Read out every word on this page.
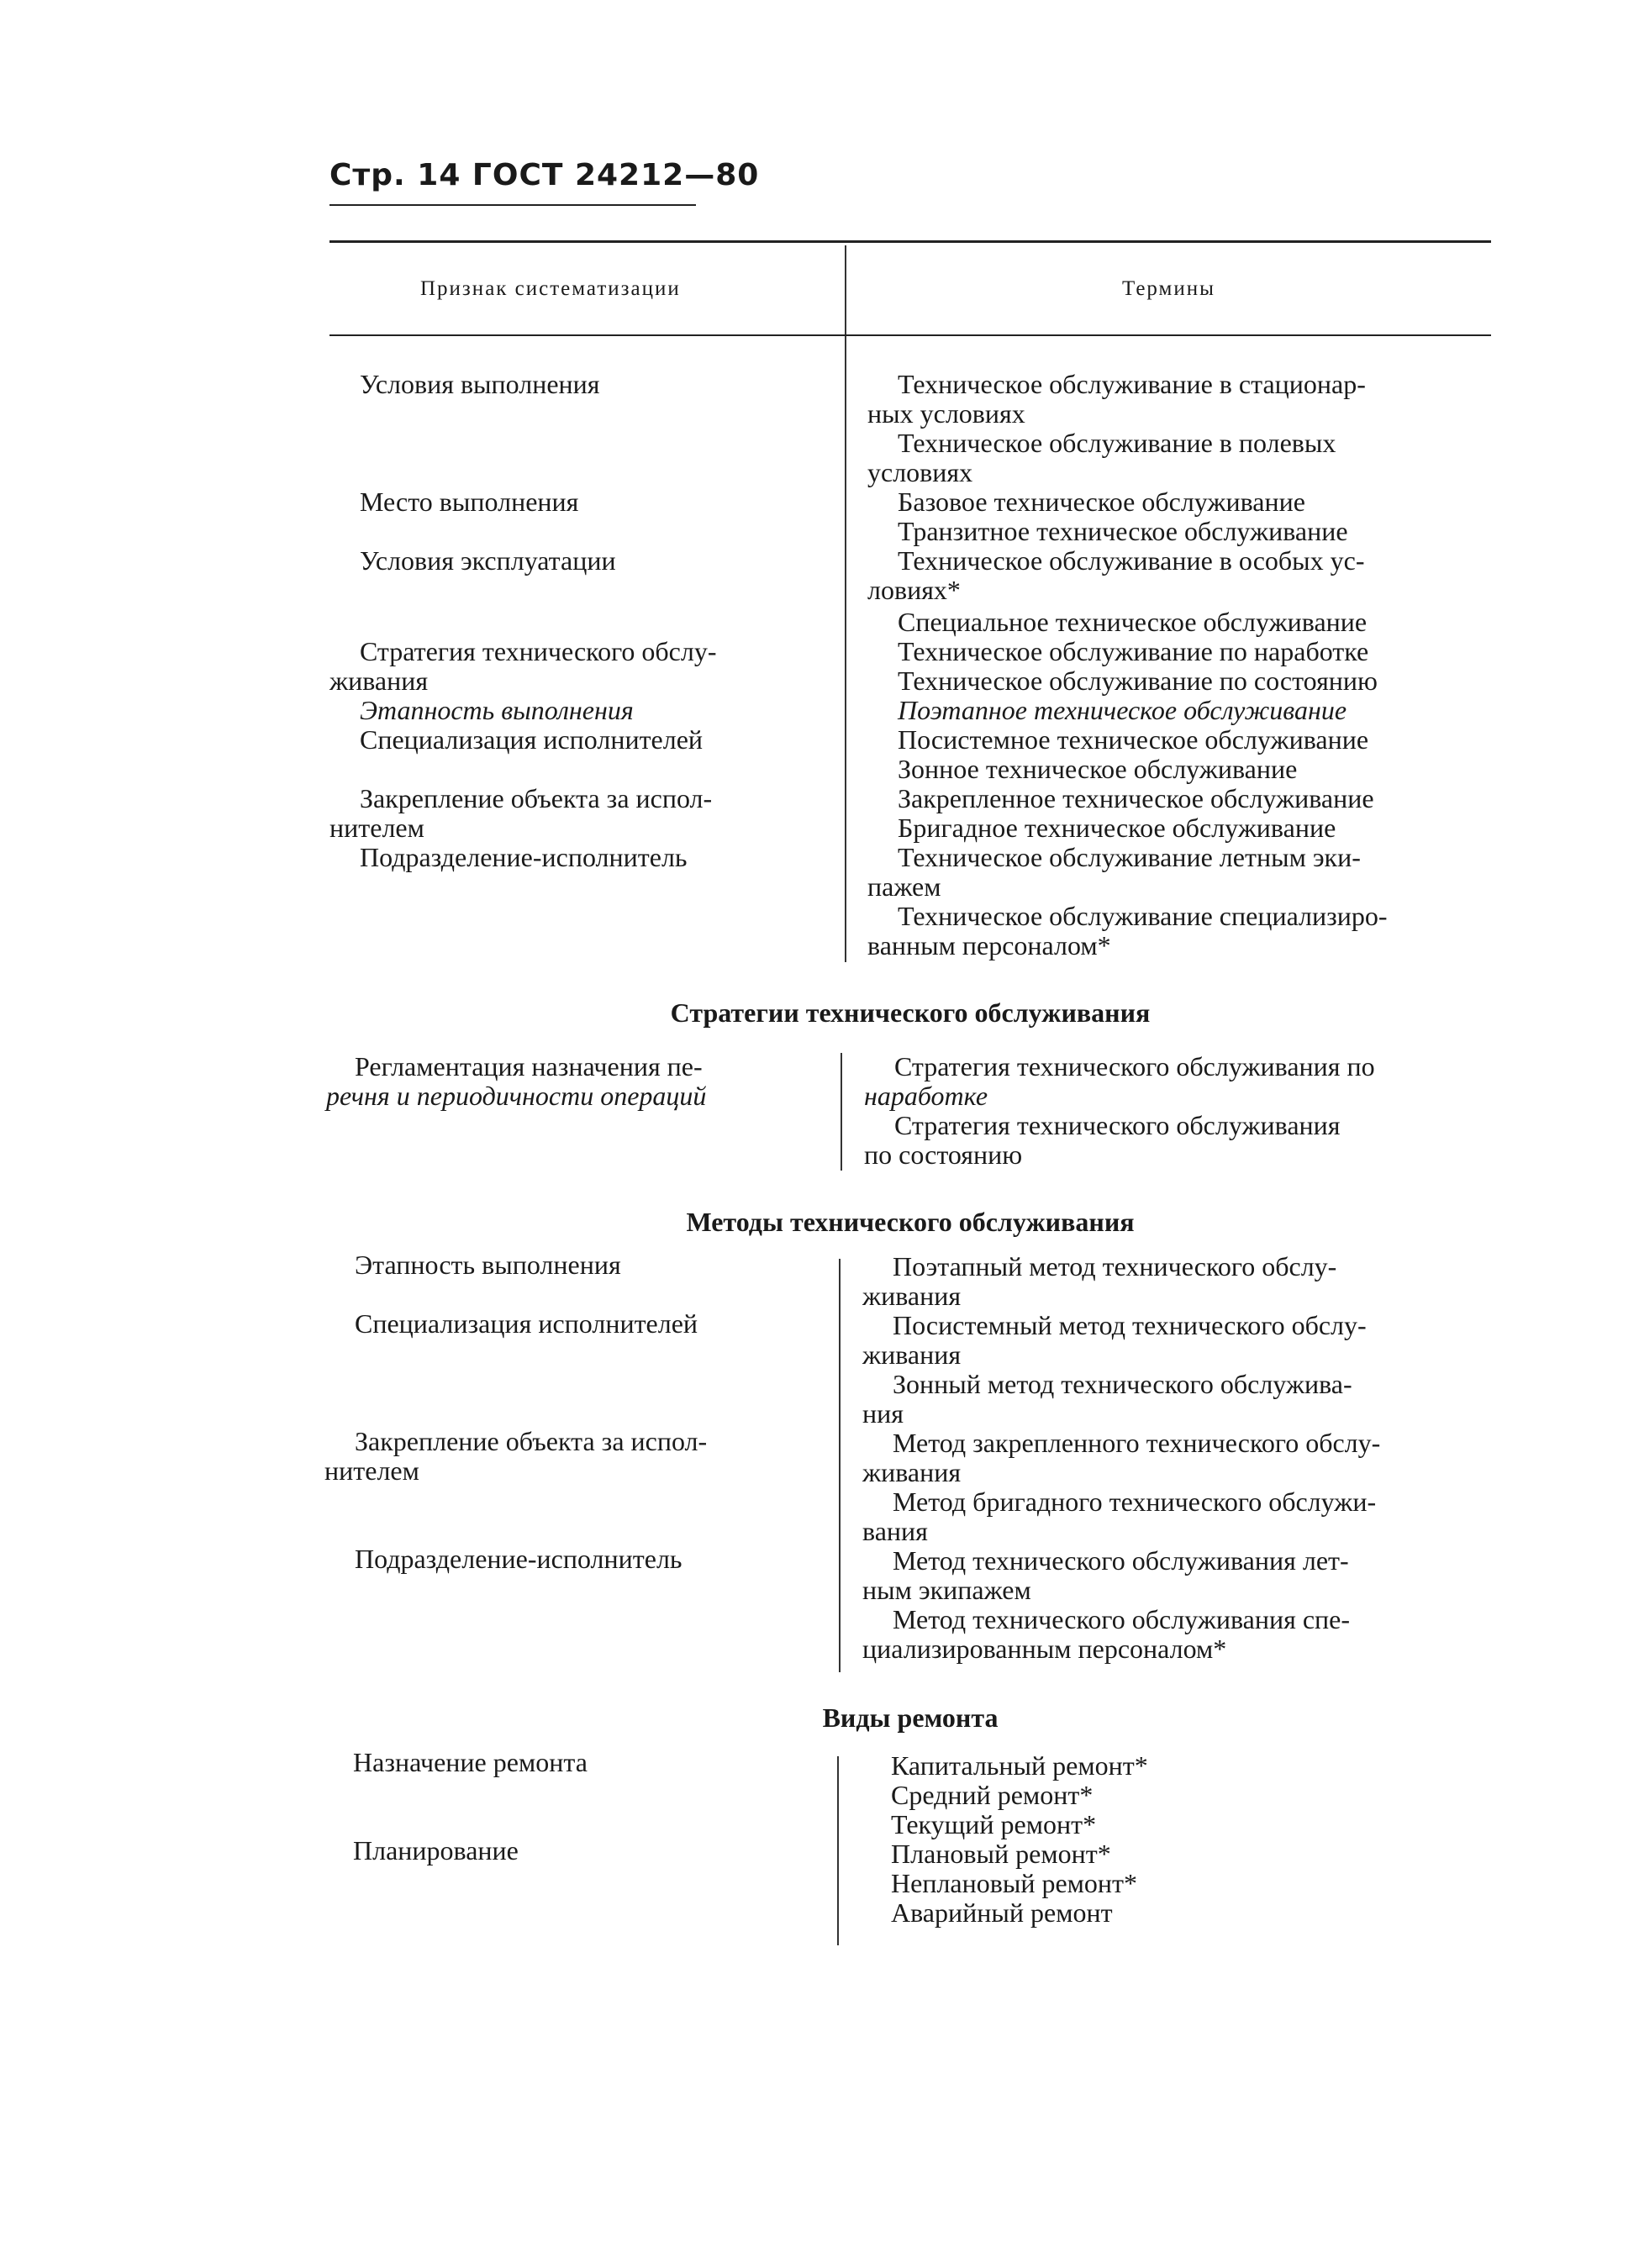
Стр. 14 ГОСТ 24212—80
Признак систематизации	Термины
Условия выполнения
Место выполнения
Условия эксплуатации
Стратегия технического обслу-
живания
Этапность выполнения
Специализация исполнителей
Закрепление объекта за испол-
нителем
Подразделение-исполнитель
Техническое обслуживание в стационар-
ных условиях
Техническое обслуживание в полевых
условиях
Базовое техническое обслуживание
Транзитное техническое обслуживание
Техническое обслуживание в особых ус-
ловиях*
Специальное техническое обслуживание
Техническое обслуживание по наработке
Техническое обслуживание по состоянию
Поэтапное техническое обслуживание
Посистемное техническое обслуживание
Зонное техническое обслуживание
Закрепленное техническое обслуживание
Бригадное техническое обслуживание
Техническое обслуживание летным эки-
пажем
Техническое обслуживание специализиро-
ванным персоналом*
Стратегии технического обслуживания
Регламентация назначения пе-
речня и периодичности операций
Стратегия технического обслуживания по
наработке
Стратегия технического обслуживания
по состоянию
Методы технического обслуживания
Этапность выполнения
Специализация исполнителей
Закрепление объекта за испол-
нителем
Подразделение-исполнитель
Поэтапный метод технического обслу-
живания
Посистемный метод технического обслу-
живания
Зонный метод технического обслужива-
ния
Метод закрепленного технического обслу-
живания
Метод бригадного технического обслужи-
вания
Метод технического обслуживания лет-
ным экипажем
Метод технического обслуживания спе-
циализированным персоналом*
Виды ремонта
Назначение ремонта
Планирование
Капитальный ремонт*
Средний ремонт*
Текущий ремонт*
Плановый ремонт*
Неплановый ремонт*
Аварийный ремонт
